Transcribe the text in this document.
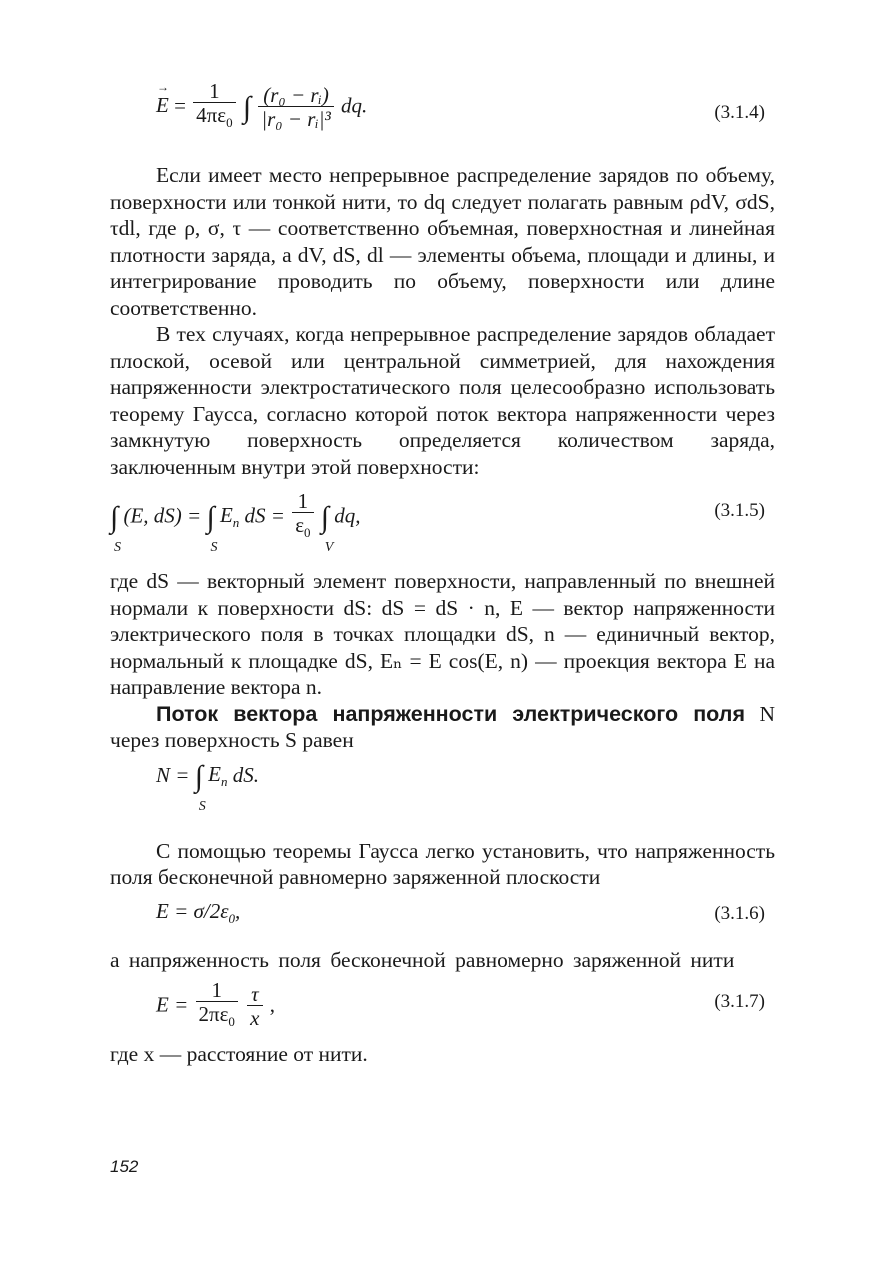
→ $E = \frac{1}{4\pi\varepsilon_0}$ ∫ $\frac{\text{(r₀ − rᵢ)}}{\text{|r₀ − rᵢ|³}}$ dq.	(3.1.4)

Если имеет место непрерывное распределение зарядов по объему, поверхности или тонкой нити, то dq следует полагать равным ρdV, σdS, τdl, где ρ, σ, τ — соответственно объемная, поверхностная и линейная плотности заряда, а dV, dS, dl — элементы объема, площади и длины, и интегрирование проводить по объему, поверхности или длине соответственно.

В тех случаях, когда непрерывное распределение зарядов обладает плоской, осевой или центральной симметрией, для нахождения напряженности электростатического поля целесообразно использовать теорему Гаусса, согласно которой поток вектора напряженности через замкнутую поверхность определяется количеством заряда, заключенным внутри этой поверхности:

∫
S
(E, dS) = ∫
S
$E_n$ dS = $\frac{1}{\varepsilon_0}$ ∫
V
dq,	(3.1.5)

где dS — векторный элемент поверхности, направленный по внешней нормали к поверхности dS: dS = dS · n, E — вектор напряженности электрического поля в точках площадки dS, n — единичный вектор, нормальный к площадке dS, Eₙ = E cos(E, n) — проекция вектора E на направление вектора n.

Поток вектора напряженности электрического поля N через поверхность S равен

N = ∫
S
$E_n$ dS.

С помощью теоремы Гаусса легко установить, что напряженность поля бесконечной равномерно заряженной плоскости

$E = \sigma/2\varepsilon_0$,	(3.1.6)

а напряженность поля бесконечной равномерно заряженной нити

$E = \frac{1}{2\pi\varepsilon_0}$
$\frac{\tau}{x}$ ,	(3.1.7)

где x — расстояние от нити.

152
